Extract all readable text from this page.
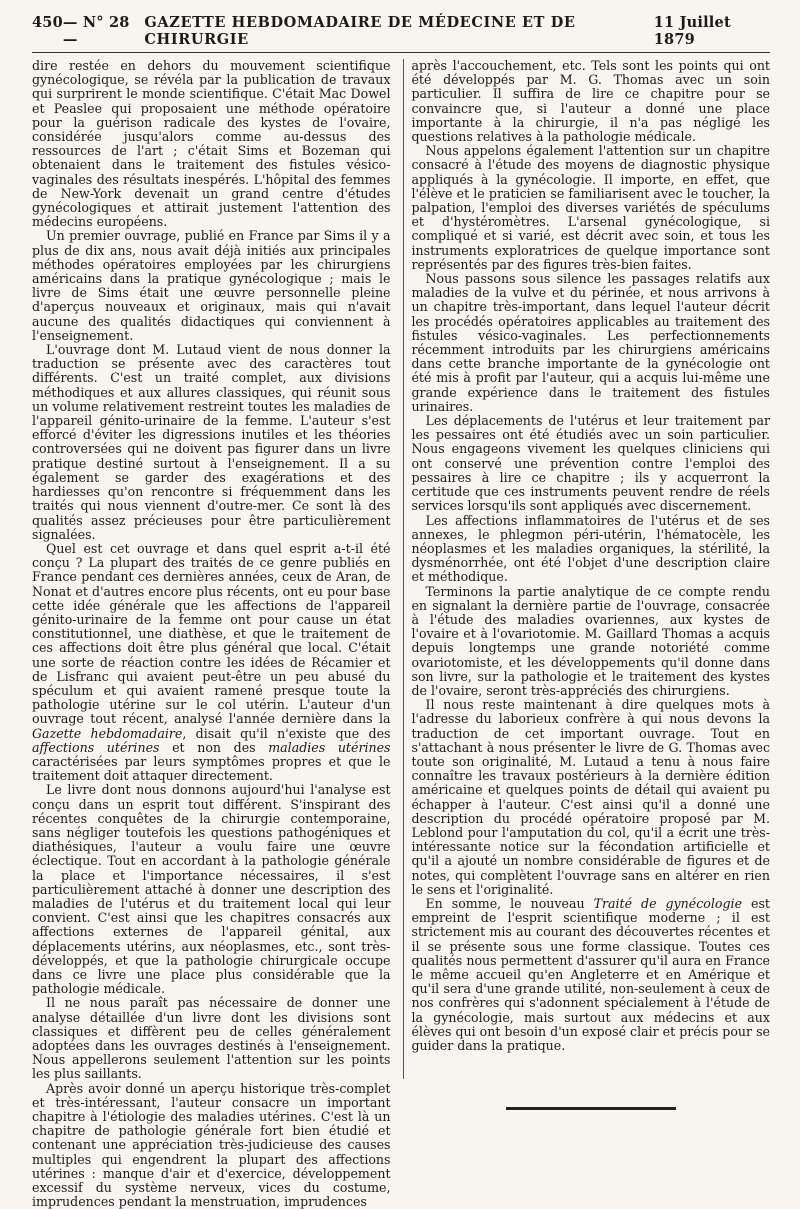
450 — N° 28 —
GAZETTE HEBDOMADAIRE DE MÉDECINE ET DE CHIRURGIE
11 Juillet 1879

dire restée en dehors du mouvement scientifique gynécologique, se révéla par la publication de travaux qui surprirent le monde scientifique. C'était Mac Dowel et Peaslee qui proposaient une méthode opératoire pour la guérison radicale des kystes de l'ovaire, considérée jusqu'alors comme au-dessus des ressources de l'art ; c'était Sims et Bozeman qui obtenaient dans le traitement des fistules vésico-vaginales des résultats inespérés. L'hôpital des femmes de New-York devenait un grand centre d'études gynécologiques et attirait justement l'attention des médecins européens.

Un premier ouvrage, publié en France par Sims il y a plus de dix ans, nous avait déjà initiés aux principales méthodes opératoires employées par les chirurgiens américains dans la pratique gynécologique ; mais le livre de Sims était une œuvre personnelle pleine d'aperçus nouveaux et originaux, mais qui n'avait aucune des qualités didactiques qui conviennent à l'enseignement.

L'ouvrage dont M. Lutaud vient de nous donner la traduction se présente avec des caractères tout différents. C'est un traité complet, aux divisions méthodiques et aux allures classiques, qui réunit sous un volume relativement restreint toutes les maladies de l'appareil génito-urinaire de la femme. L'auteur s'est efforcé d'éviter les digressions inutiles et les théories controversées qui ne doivent pas figurer dans un livre pratique destiné surtout à l'enseignement. Il a su également se garder des exagérations et des hardiesses qu'on rencontre si fréquemment dans les traités qui nous viennent d'outre-mer. Ce sont là des qualités assez précieuses pour être particulièrement signalées.

Quel est cet ouvrage et dans quel esprit a-t-il été conçu ? La plupart des traités de ce genre publiés en France pendant ces dernières années, ceux de Aran, de Nonat et d'autres encore plus récents, ont eu pour base cette idée générale que les affections de l'appareil génito-urinaire de la femme ont pour cause un état constitutionnel, une diathèse, et que le traitement de ces affections doit être plus général que local. C'était une sorte de réaction contre les idées de Récamier et de Lisfranc qui avaient peut-être un peu abusé du spéculum et qui avaient ramené presque toute la pathologie utérine sur le col utérin. L'auteur d'un ouvrage tout récent, analysé l'année dernière dans la Gazette hebdomadaire, disait qu'il n'existe que des affections utérines et non des maladies utérines caractérisées par leurs symptômes propres et que le traitement doit attaquer directement.

Le livre dont nous donnons aujourd'hui l'analyse est conçu dans un esprit tout différent. S'inspirant des récentes conquêtes de la chirurgie contemporaine, sans négliger toutefois les questions pathogéniques et diathésiques, l'auteur a voulu faire une œuvre éclectique. Tout en accordant à la pathologie générale la place et l'importance nécessaires, il s'est particulièrement attaché à donner une description des maladies de l'utérus et du traitement local qui leur convient. C'est ainsi que les chapitres consacrés aux affections externes de l'appareil génital, aux déplacements utérins, aux néoplasmes, etc., sont très-développés, et que la pathologie chirurgicale occupe dans ce livre une place plus considérable que la pathologie médicale.

Il ne nous paraît pas nécessaire de donner une analyse détaillée d'un livre dont les divisions sont classiques et diffèrent peu de celles généralement adoptées dans les ouvrages destinés à l'enseignement. Nous appellerons seulement l'attention sur les points les plus saillants.

Après avoir donné un aperçu historique très-complet et très-intéressant, l'auteur consacre un important chapitre à l'étiologie des maladies utérines. C'est là un chapitre de pathologie générale fort bien étudié et contenant une appréciation très-judicieuse des causes multiples qui engendrent la plupart des affections utérines : manque d'air et d'exercice, développement excessif du système nerveux, vices du costume, imprudences pendant la menstruation, imprudences

après l'accouchement, etc. Tels sont les points qui ont été développés par M. G. Thomas avec un soin particulier. Il suffira de lire ce chapitre pour se convaincre que, si l'auteur a donné une place importante à la chirurgie, il n'a pas négligé les questions relatives à la pathologie médicale.

Nous appelons également l'attention sur un chapitre consacré à l'étude des moyens de diagnostic physique appliqués à la gynécologie. Il importe, en effet, que l'élève et le praticien se familiarisent avec le toucher, la palpation, l'emploi des diverses variétés de spéculums et d'hystéromètres. L'arsenal gynécologique, si compliqué et si varié, est décrit avec soin, et tous les instruments exploratrices de quelque importance sont représentés par des figures très-bien faites.

Nous passons sous silence les passages relatifs aux maladies de la vulve et du périnée, et nous arrivons à un chapitre très-important, dans lequel l'auteur décrit les procédés opératoires applicables au traitement des fistules vésico-vaginales. Les perfectionnements récemment introduits par les chirurgiens américains dans cette branche importante de la gynécologie ont été mis à profit par l'auteur, qui a acquis lui-même une grande expérience dans le traitement des fistules urinaires.

Les déplacements de l'utérus et leur traitement par les pessaires ont été étudiés avec un soin particulier. Nous engageons vivement les quelques cliniciens qui ont conservé une prévention contre l'emploi des pessaires à lire ce chapitre ; ils y acquerront la certitude que ces instruments peuvent rendre de réels services lorsqu'ils sont appliqués avec discernement.

Les affections inflammatoires de l'utérus et de ses annexes, le phlegmon péri-utérin, l'hématocèle, les néoplasmes et les maladies organiques, la stérilité, la dysménorrhée, ont été l'objet d'une description claire et méthodique.

Terminons la partie analytique de ce compte rendu en signalant la dernière partie de l'ouvrage, consacrée à l'étude des maladies ovariennes, aux kystes de l'ovaire et à l'ovariotomie. M. Gaillard Thomas a acquis depuis longtemps une grande notoriété comme ovariotomiste, et les développements qu'il donne dans son livre, sur la pathologie et le traitement des kystes de l'ovaire, seront très-appréciés des chirurgiens.

Il nous reste maintenant à dire quelques mots à l'adresse du laborieux confrère à qui nous devons la traduction de cet important ouvrage. Tout en s'attachant à nous présenter le livre de G. Thomas avec toute son originalité, M. Lutaud a tenu à nous faire connaître les travaux postérieurs à la dernière édition américaine et quelques points de détail qui avaient pu échapper à l'auteur. C'est ainsi qu'il a donné une description du procédé opératoire proposé par M. Leblond pour l'amputation du col, qu'il a écrit une très-intéressante notice sur la fécondation artificielle et qu'il a ajouté un nombre considérable de figures et de notes, qui complètent l'ouvrage sans en altérer en rien le sens et l'originalité.

En somme, le nouveau Traité de gynécologie est empreint de l'esprit scientifique moderne ; il est strictement mis au courant des découvertes récentes et il se présente sous une forme classique. Toutes ces qualités nous permettent d'assurer qu'il aura en France le même accueil qu'en Angleterre et en Amérique et qu'il sera d'une grande utilité, non-seulement à ceux de nos confrères qui s'adonnent spécialement à l'étude de la gynécologie, mais surtout aux médecins et aux élèves qui ont besoin d'un exposé clair et précis pour se guider dans la pratique.
